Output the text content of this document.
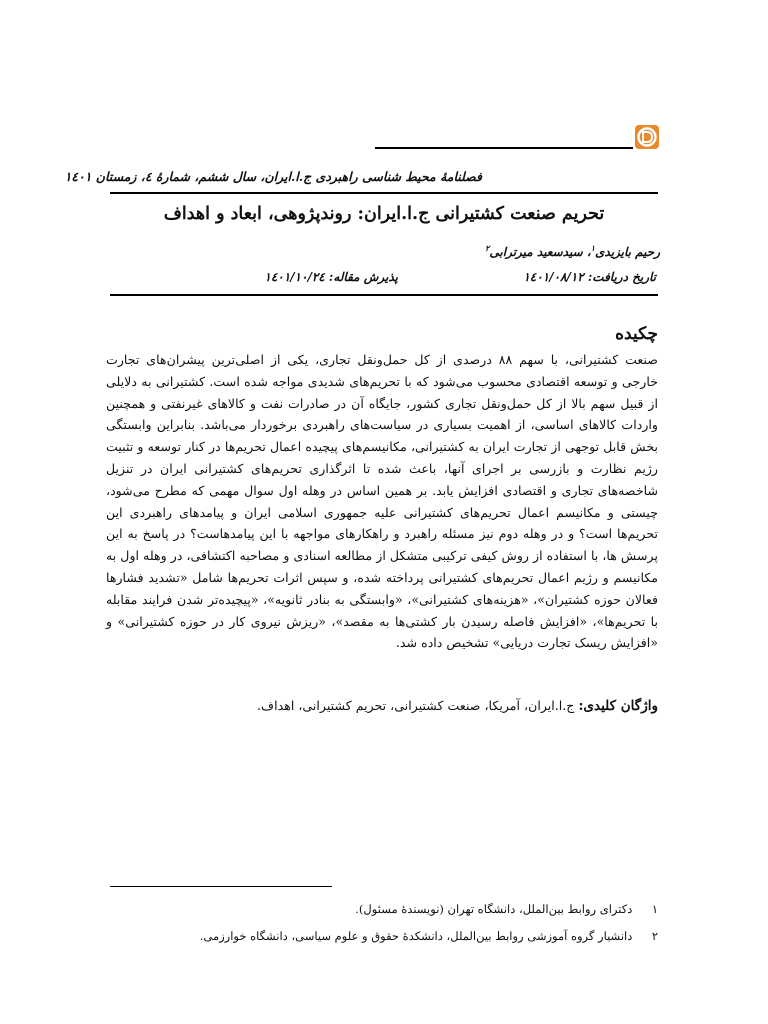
فصلنامۀ محیط شناسی راهبردی ج.ا.ایران، سال ششم، شمارۀ ٤، زمستان ١٤٠١
تحریم صنعت کشتیرانی ج.ا.ایران: روندپژوهی، ابعاد و اهداف
رحیم بایزیدی$^١$، سیدسعید میرترابی$^٢$
تاریخ دریافت: ١٤٠١/٠٨/١٢
پذیرش مقاله: ١٤٠١/١٠/٢٤
چکیده

صنعت کشتیرانی، با سهم ٨٨ درصدی از کل حمل‌ونقل تجاری، یکی از اصلی‌ترین پیشران‌های تجارت خارجی و توسعه اقتصادی محسوب می‌شود که با تحریم‌های شدیدی مواجه شده است. کشتیرانی به دلایلی از قبیل سهم بالا از کل حمل‌ونقل تجاری کشور، جایگاه آن در صادرات نفت و کالاهای غیرنفتی و همچنین واردات کالاهای اساسی، از اهمیت بسیاری در سیاست‌های راهبردی برخوردار می‌باشد. بنابراین وابستگی بخش قابل توجهی از تجارت ایران به کشتیرانی، مکانیسم‌های پیچیده اعمال تحریم‌ها در کنار توسعه و تثبیت رژیم نظارت و بازرسی بر اجرای آنها، باعث شده تا اثرگذاری تحریم‌های کشتیرانی ایران در تنزیل شاخصه‌های تجاری و اقتصادی افزایش یابد. بر همین اساس در وهله اول سوال مهمی که مطرح می‌شود، چیستی و مکانیسم اعمال تحریم‌های کشتیرانی علیه جمهوری اسلامی ایران و پیامدهای راهبردی این تحریم‌ها است؟ و در وهله دوم نیز مسئله راهبرد و راهکارهای مواجهه با این پیامدهاست؟ در پاسخ به این پرسش ها، با استفاده از روش کیفی ترکیبی متشکل از مطالعه اسنادی و مصاحبه اکتشافی، در وهله اول به مکانیسم و رژیم اعمال تحریم‌های کشتیرانی پرداخته شده، و سپس اثرات تحریم‌ها شامل «تشدید فشارها فعالان حوزه کشتیران»، «هزینه‌های کشتیرانی»، «وابستگی به بنادر ثانویه»، «پیچیده‌تر شدن فرایند مقابله با تحریم‌ها»، «افزایش فاصله رسیدن بار کشتی‌ها به مقصد»، «ریزش نیروی کار در حوزه کشتیرانی» و «افزایش ریسک تجارت دریایی» تشخیص داده شد.

واژگان کلیدی: ج.ا.ایران، آمریکا، صنعت کشتیرانی، تحریم کشتیرانی، اهداف.
١ دکترای روابط بین‌الملل، دانشگاه تهران (نویسندۀ مسئول).
٢ دانشیار گروه آموزشی روابط بین‌الملل، دانشکدۀ حقوق و علوم سیاسی، دانشگاه خوارزمی.
